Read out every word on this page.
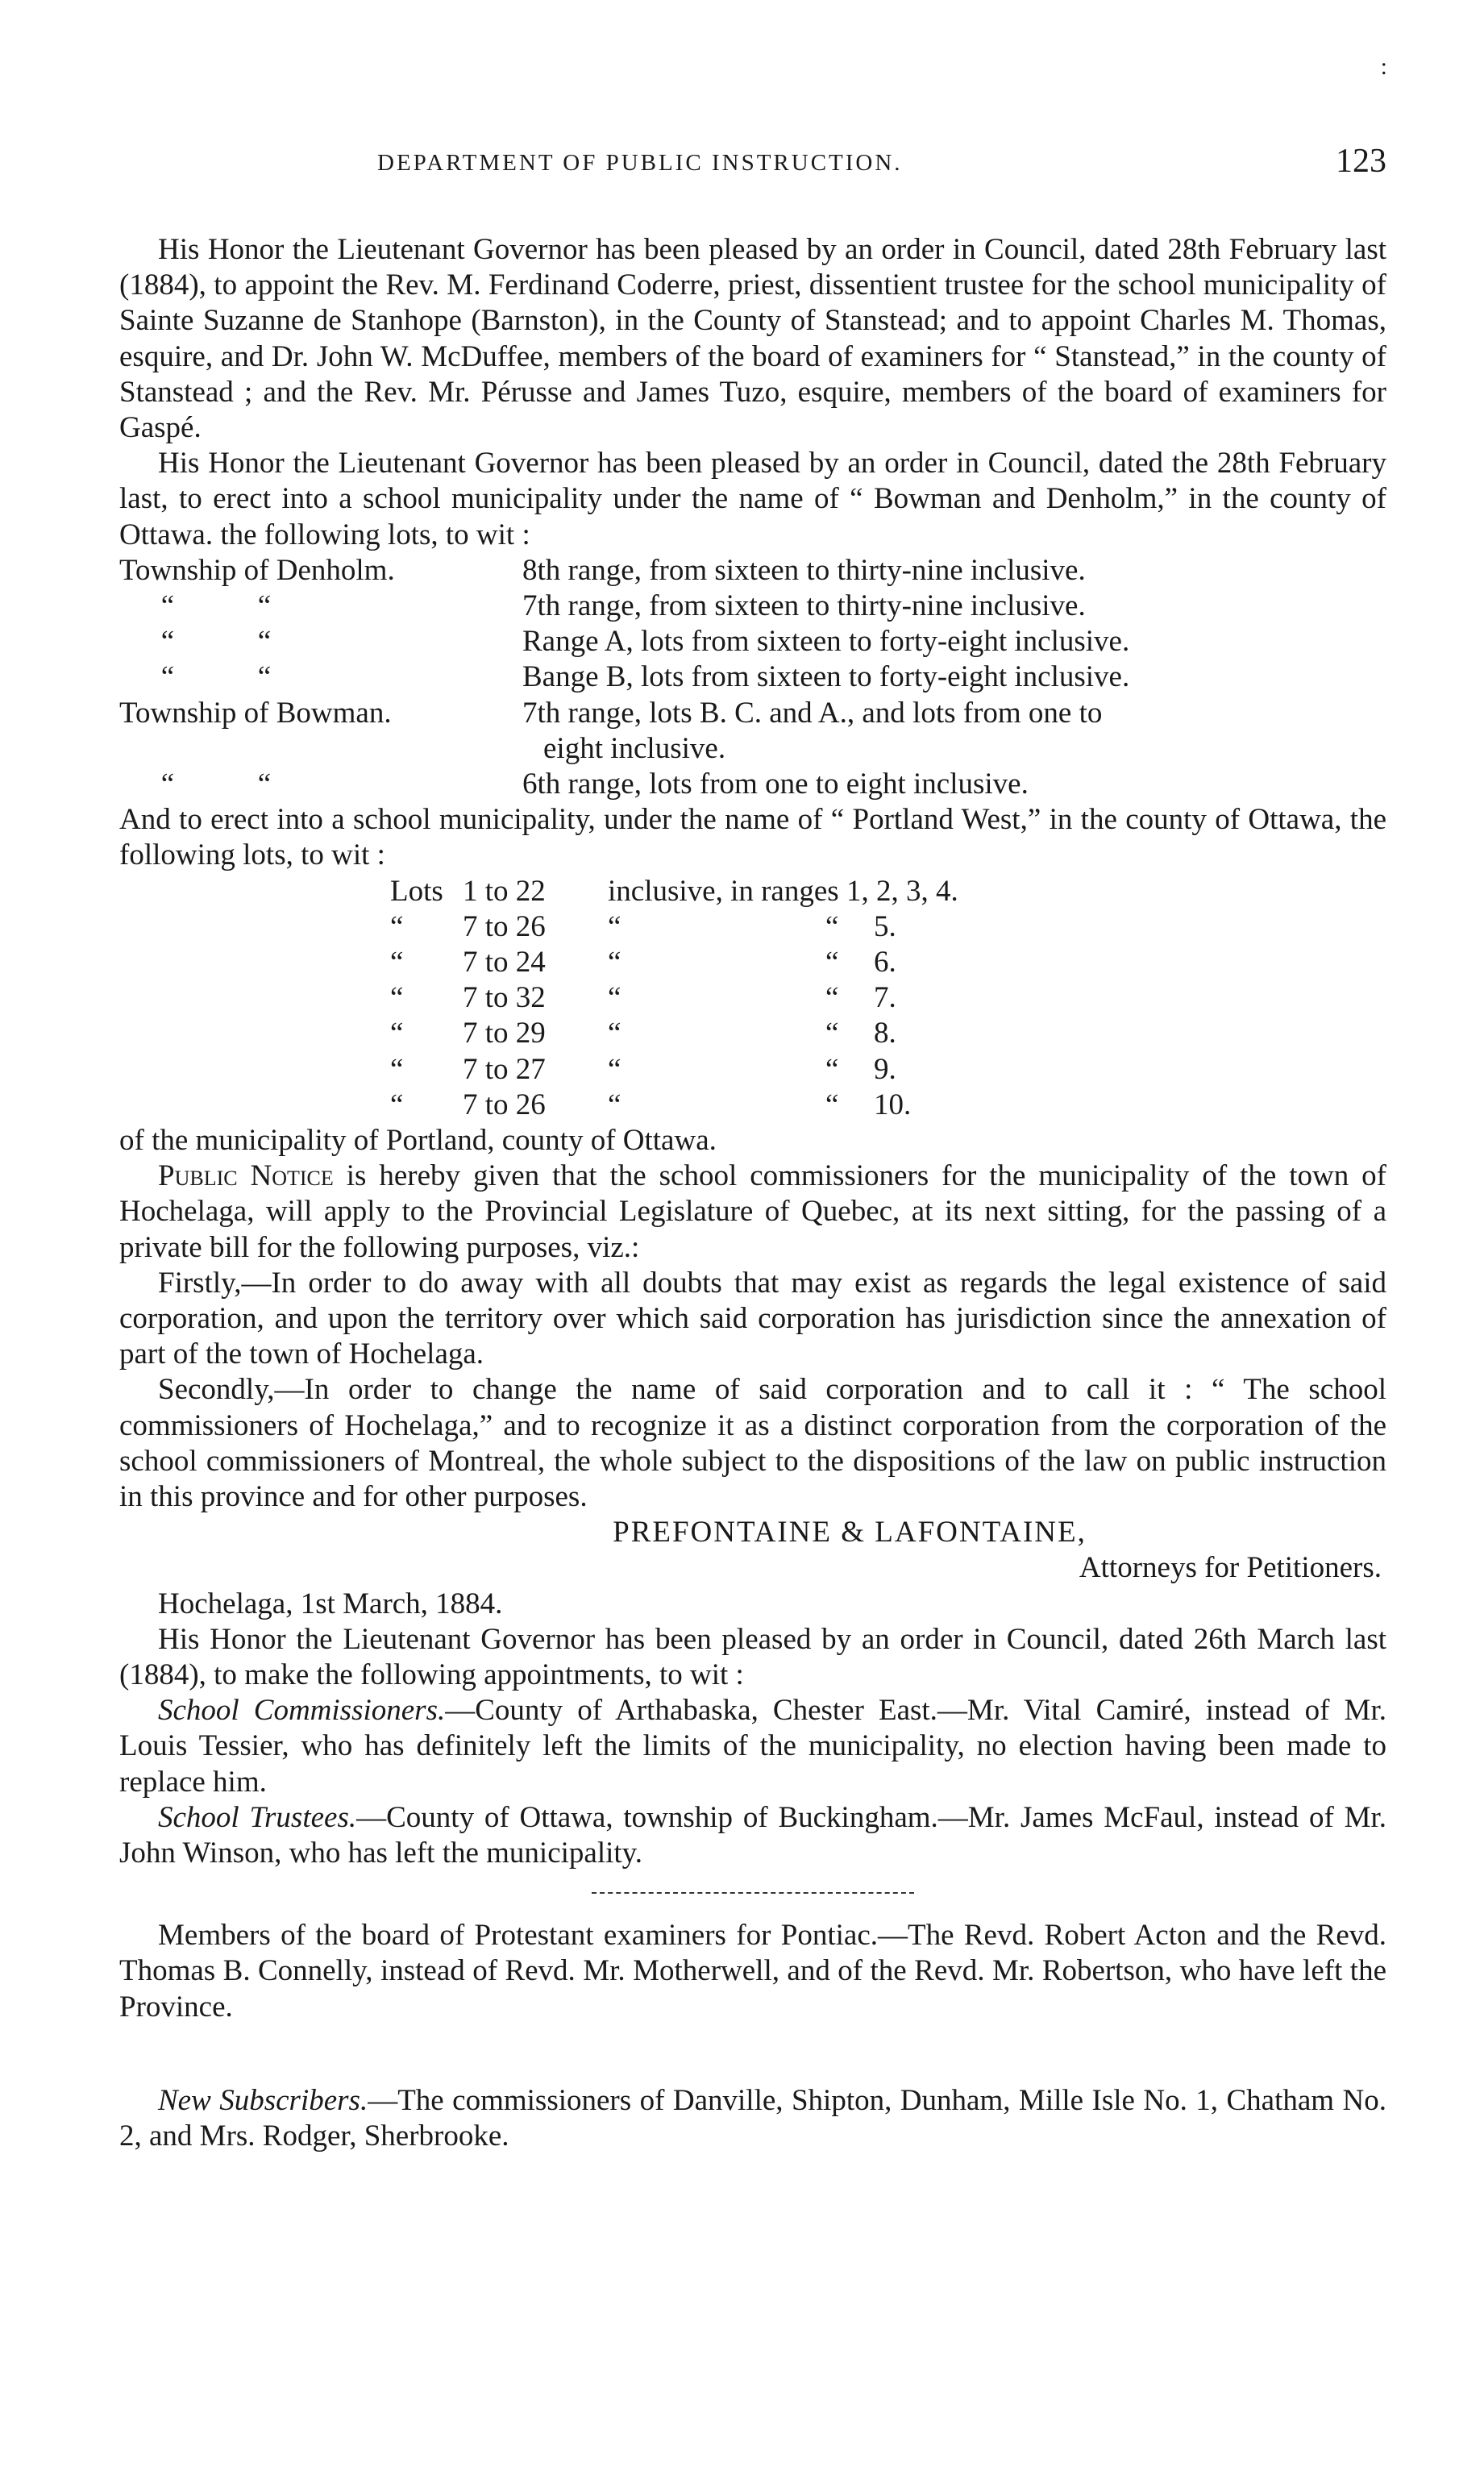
:
DEPARTMENT OF PUBLIC INSTRUCTION.	123

His Honor the Lieutenant Governor has been pleased by an order in Council, dated 28th February last (1884), to appoint the Rev. M. Ferdinand Coderre, priest, dissentient trustee for the school municipality of Sainte Suzanne de Stanhope (Barnston), in the County of Stanstead; and to appoint Charles M. Thomas, esquire, and Dr. John W. McDuffee, members of the board of examiners for “ Stanstead,” in the county of Stanstead ; and the Rev. Mr. Pérusse and James Tuzo, esquire, members of the board of examiners for Gaspé.

His Honor the Lieutenant Governor has been pleased by an order in Council, dated the 28th February last, to erect into a school municipality under the name of “ Bowman and Denholm,” in the county of Ottawa. the following lots, to wit :

Township of Denholm.	8th range, from sixteen to thirty-nine inclusive.
“ “	7th range, from sixteen to thirty-nine inclusive.
“ “	Range A, lots from sixteen to forty-eight inclusive.
“ “	Bange B, lots from sixteen to forty-eight inclusive.
Township of Bowman.	7th range, lots B. C. and A., and lots from one to
eight inclusive.

“ “	6th range, lots from one to eight inclusive.

And to erect into a school municipality, under the name of “ Portland West,” in the county of Ottawa, the following lots, to wit :

Lots 1 to 22 inclusive, in ranges 1, 2, 3, 4.
“ 7 to 26 “	“ 5.
“ 7 to 24 “	“ 6.
“ 7 to 32 “	“ 7.
“ 7 to 29 “	“ 8.
“ 7 to 27 “	“ 9.
“ 7 to 26 “	“ 10.

of the municipality of Portland, county of Ottawa.

Public Notice is hereby given that the school commissioners for the municipality of the town of Hochelaga, will apply to the Provincial Legislature of Quebec, at its next sitting, for the passing of a private bill for the following purposes, viz.:

Firstly,—In order to do away with all doubts that may exist as regards the legal existence of said corporation, and upon the territory over which said corporation has jurisdiction since the annexation of part of the town of Hochelaga.

Secondly,—In order to change the name of said corporation and to call it : “ The school commissioners of Hochelaga,” and to recognize it as a distinct corporation from the corporation of the school commissioners of Montreal, the whole subject to the dispositions of the law on public instruction in this province and for other purposes.

PREFONTAINE & LAFONTAINE,
Attorneys for Petitioners.
Hochelaga, 1st March, 1884.

His Honor the Lieutenant Governor has been pleased by an order in Council, dated 26th March last (1884), to make the following appointments, to wit :

School Commissioners.—County of Arthabaska, Chester East.—Mr. Vital Camiré, instead of Mr. Louis Tessier, who has definitely left the limits of the municipality, no election having been made to replace him.

School Trustees.—County of Ottawa, township of Buckingham.—Mr. James McFaul, instead of Mr. John Winson, who has left the municipality.

Members of the board of Protestant examiners for Pontiac.—The Revd. Robert Acton and the Revd. Thomas B. Connelly, instead of Revd. Mr. Motherwell, and of the Revd. Mr. Robertson, who have left the Province.

New Subscribers.—The commissioners of Danville, Shipton, Dunham, Mille Isle No. 1, Chatham No. 2, and Mrs. Rodger, Sherbrooke.
